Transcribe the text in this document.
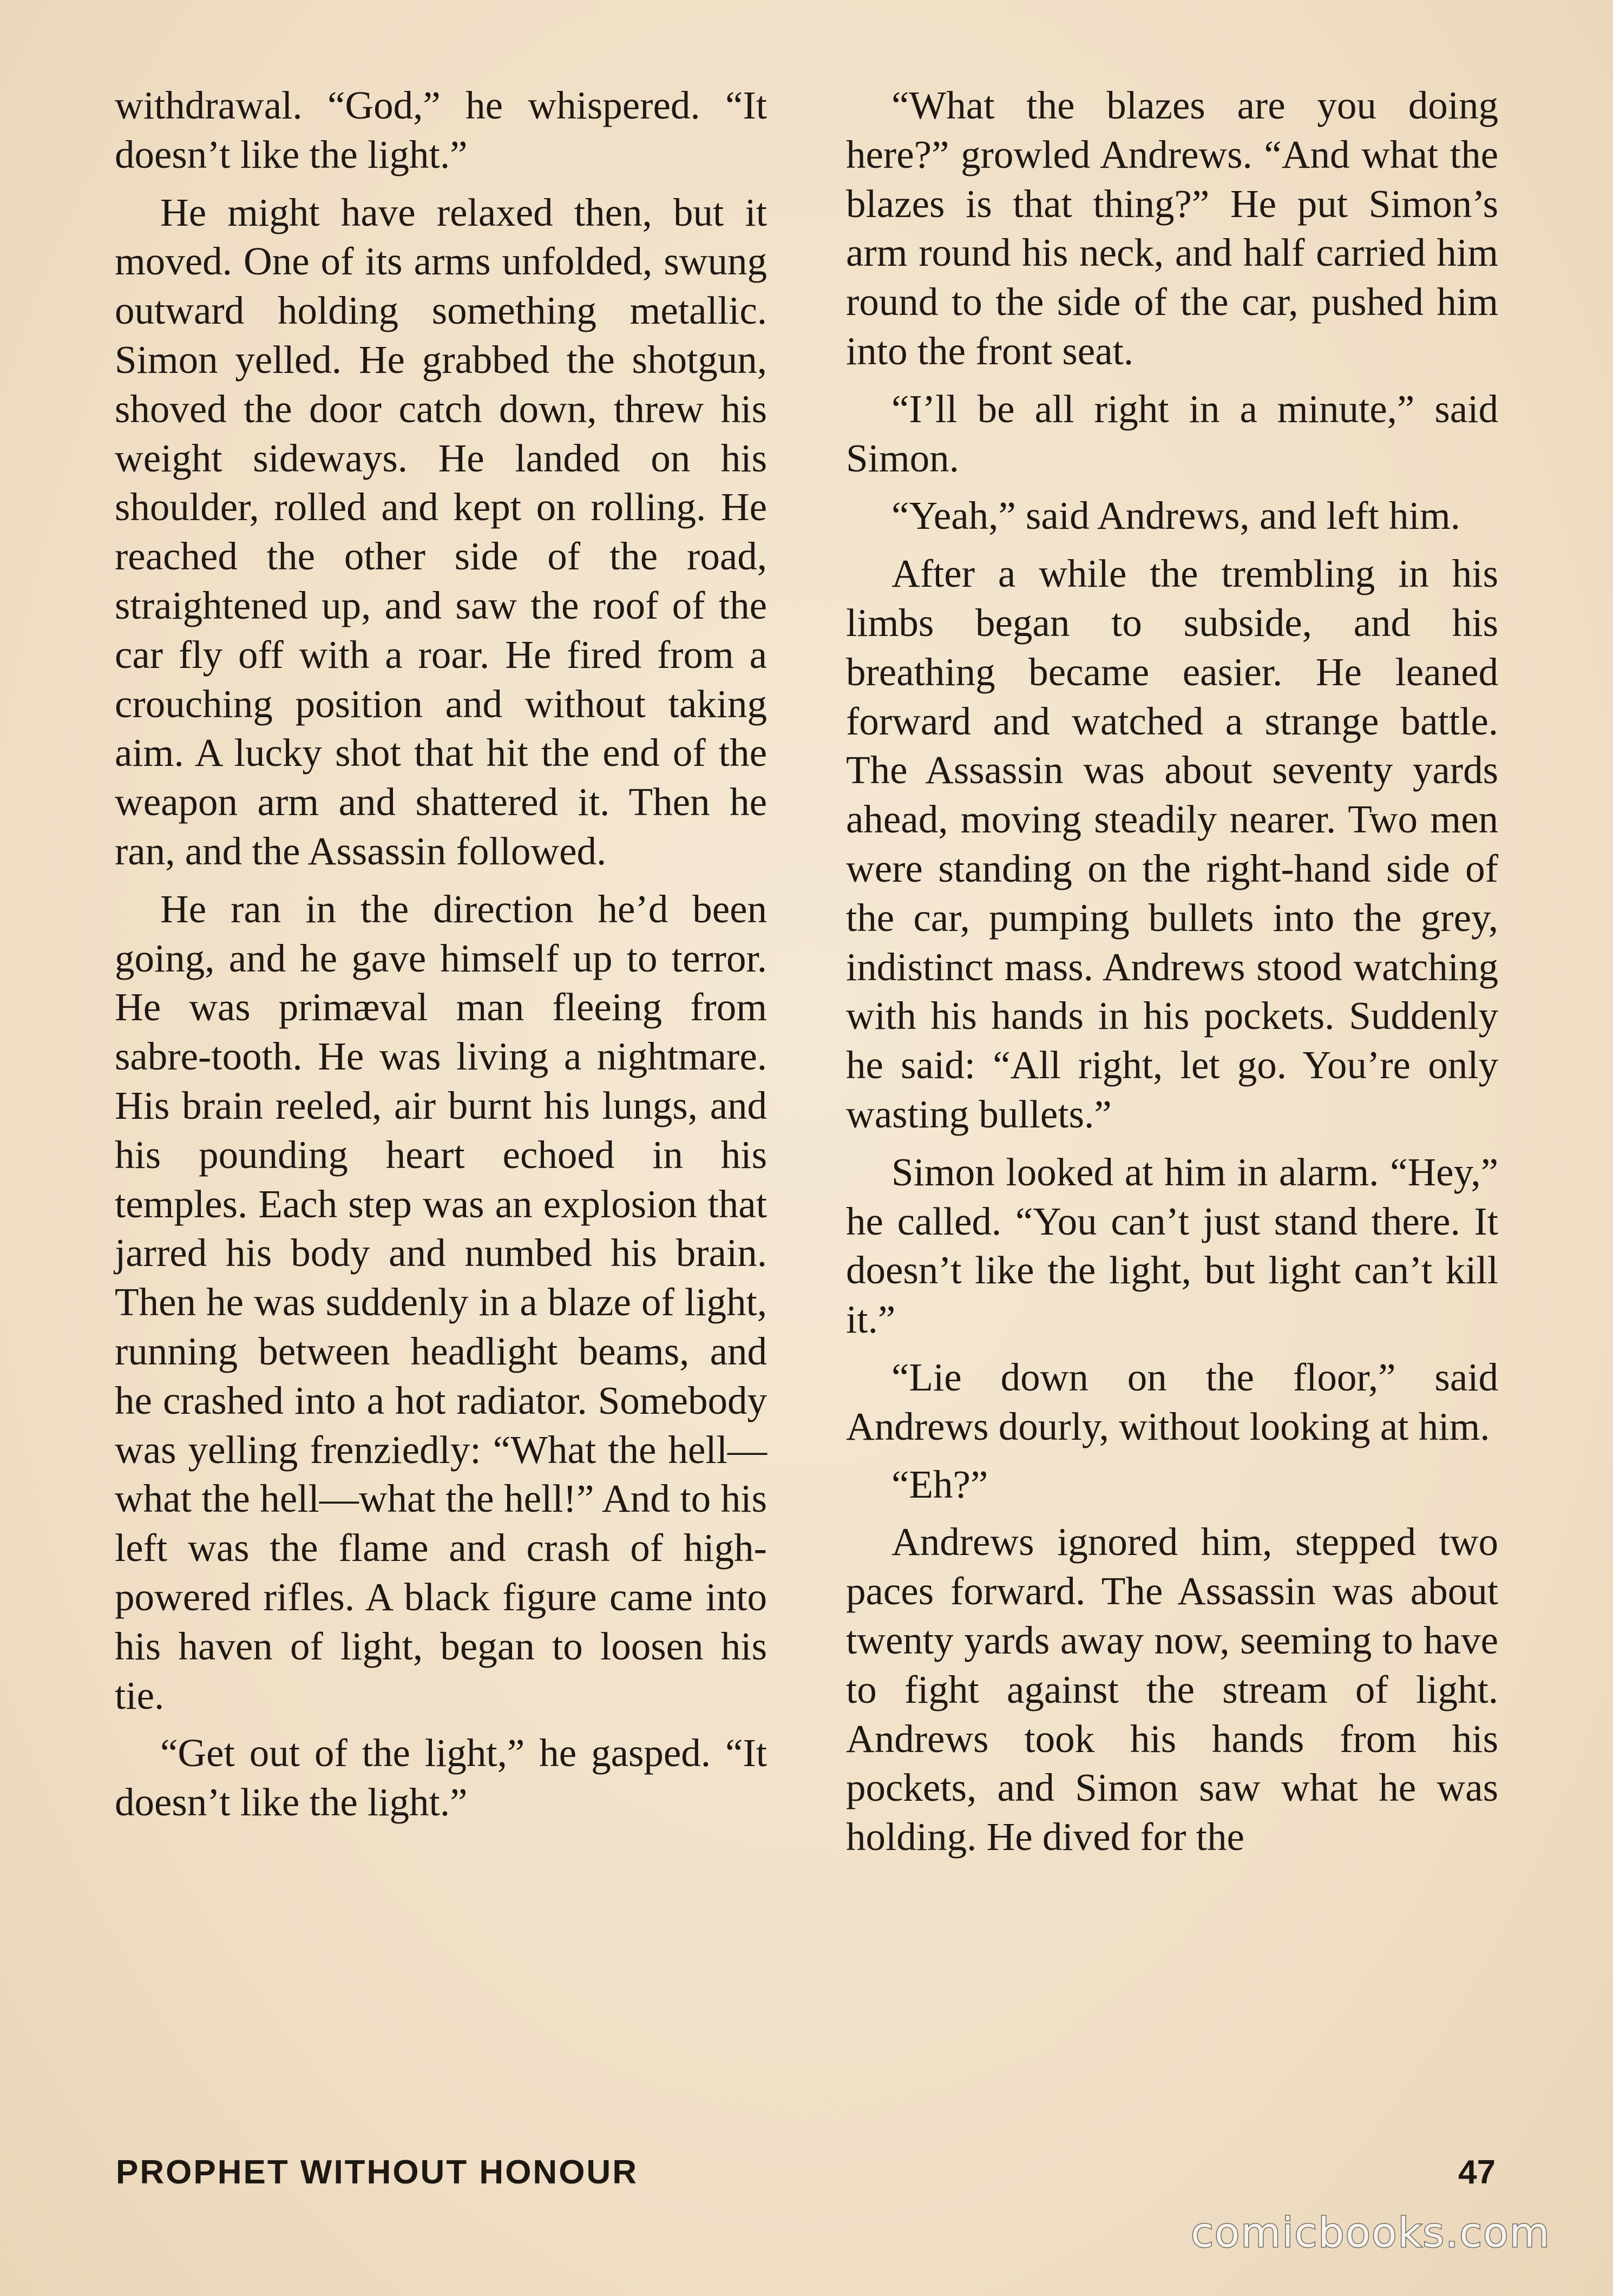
withdrawal. “God,” he whispered. “It doesn’t like the light.”

He might have relaxed then, but it moved. One of its arms unfolded, swung outward holding something metallic. Simon yelled. He grabbed the shotgun, shoved the door catch down, threw his weight sideways. He landed on his shoulder, rolled and kept on rolling. He reached the other side of the road, straightened up, and saw the roof of the car fly off with a roar. He fired from a crouching position and without taking aim. A lucky shot that hit the end of the weapon arm and shattered it. Then he ran, and the Assassin followed.

He ran in the direction he’d been going, and he gave himself up to terror. He was primæval man fleeing from sabre-tooth. He was living a nightmare. His brain reeled, air burnt his lungs, and his pounding heart echoed in his temples. Each step was an explosion that jarred his body and numbed his brain. Then he was suddenly in a blaze of light, running between headlight beams, and he crashed into a hot radiator. Somebody was yelling frenziedly: “What the hell—what the hell—what the hell!” And to his left was the flame and crash of high-powered rifles. A black figure came into his haven of light, began to loosen his tie.

“Get out of the light,” he gasped. “It doesn’t like the light.”

“What the blazes are you doing here?” growled Andrews. “And what the blazes is that thing?” He put Simon’s arm round his neck, and half carried him round to the side of the car, pushed him into the front seat.

“I’ll be all right in a minute,” said Simon.

“Yeah,” said Andrews, and left him.

After a while the trembling in his limbs began to subside, and his breathing became easier. He leaned forward and watched a strange battle. The Assassin was about seventy yards ahead, moving steadily nearer. Two men were standing on the right-hand side of the car, pumping bullets into the grey, indistinct mass. Andrews stood watching with his hands in his pockets. Suddenly he said: “All right, let go. You’re only wasting bullets.”

Simon looked at him in alarm. “Hey,” he called. “You can’t just stand there. It doesn’t like the light, but light can’t kill it.”

“Lie down on the floor,” said Andrews dourly, without looking at him.

“Eh?”

Andrews ignored him, stepped two paces forward. The Assassin was about twenty yards away now, seeming to have to fight against the stream of light. Andrews took his hands from his pockets, and Simon saw what he was holding. He dived for the

PROPHET WITHOUT HONOUR	47
comicbooks.com
